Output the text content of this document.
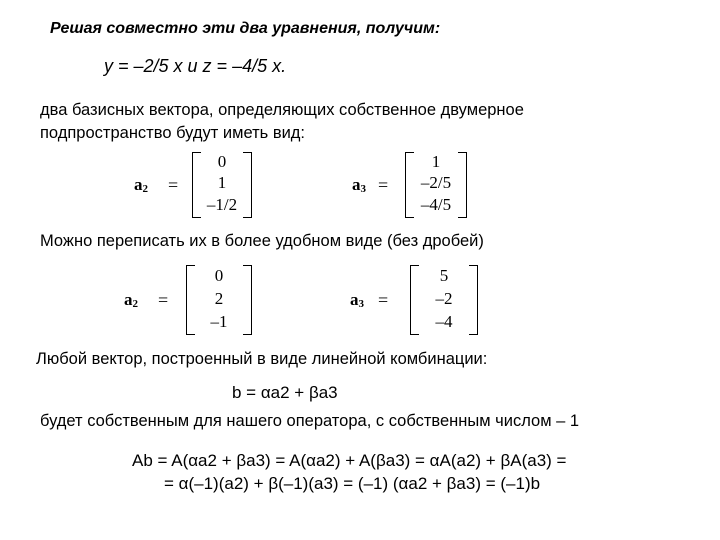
Решая совместно эти два уравнения, получим:
y = –2/5 x и z = –4/5 x.
два базисных вектора, определяющих собственное двумерное
подпространство будут иметь вид:
a2 =
0
1
–1/2
a3 =
1
–2/5
–4/5
Можно переписать их в более удобном виде (без дробей)
a2 =
0
2
–1
a3 =
5
–2
–4
Любой вектор, построенный в виде линейной комбинации:
b = αa2 + βa3
будет собственным для нашего оператора, с собственным числом – 1
Ab = A(αa2 + βa3) = A(αa2) + A(βa3) = αA(a2) + βA(a3) =
= α(–1)(a2) + β(–1)(a3) = (–1) (αa2 + βa3) = (–1)b
